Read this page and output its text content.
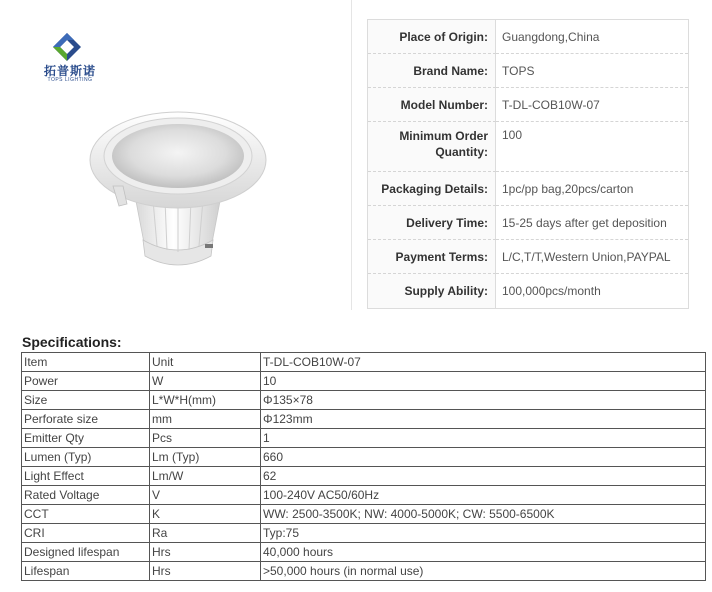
拓普斯诺
TOPS LIGHTING
Place of Origin:	Guangdong,China
Brand Name:	TOPS
Model Number:	T-DL-COB10W-07
Minimum Order Quantity:	100
Packaging Details:	1pc/pp bag,20pcs/carton
Delivery Time:	15-25 days after get deposition
Payment Terms:	L/C,T/T,Western Union,PAYPAL
Supply Ability:	100,000pcs/month
Specifications:
Item	Unit	T-DL-COB10W-07
Power	W	10
Size	L*W*H(mm)	Φ135×78
Perforate size	mm	Φ123mm
Emitter Qty	Pcs	1
Lumen (Typ)	Lm (Typ)	660
Light Effect	Lm/W	62
Rated Voltage	V	100-240V AC50/60Hz
CCT	K	WW: 2500-3500K; NW: 4000-5000K; CW: 5500-6500K
CRI	Ra	Typ:75
Designed lifespan	Hrs	40,000 hours
Lifespan	Hrs	>50,000 hours (in normal use)
